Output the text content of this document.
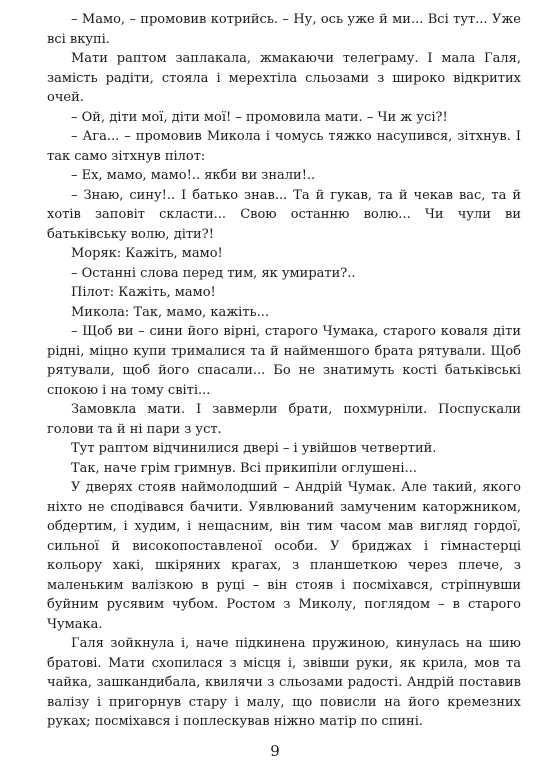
– Мамо, – промовив котрийсь. – Ну, ось уже й ми... Всі тут... Уже всі вкупі.

Мати раптом заплакала, жмакаючи телеграму. І мала Галя, замість радіти, стояла і мерехтіла сльозами з широко відкритих очей.

– Ой, діти мої, діти мої! – промовила мати. – Чи ж усі?!

– Ага... – промовив Микола і чомусь тяжко насупився, зітхнув. І так само зітхнув пілот:

– Ех, мамо, мамо!.. якби ви знали!..

– Знаю, сину!.. І батько знав... Та й гукав, та й чекав вас, та й хотів заповіт скласти... Свою останню волю... Чи чули ви батьківську волю, діти?!

Моряк: Кажіть, мамо!

– Останні слова перед тим, як умирати?..

Пілот: Кажіть, мамо!

Микола: Так, мамо, кажіть...

– Щоб ви – сини його вірні, старого Чумака, старого коваля діти рідні, міцно купи трималися та й найменшого брата рятували. Щоб рятували, щоб його спасали... Бо не знатимуть кості батьківські спокою і на тому світі...

Замовкла мати. І завмерли брати, похмурніли. Поспускали голови та й ні пари з уст.

Тут раптом відчинилися двері – і увійшов четвертий.

Так, наче грім гримнув. Всі прикипіли оглушені...

У дверях стояв наймолодший – Андрій Чумак. Але такий, якого ніхто не сподівався бачити. Уявлюваний замученим каторжником, обдертим, і худим, і нещасним, він тим часом мав вигляд гордої, сильної й високопоставленої особи. У бриджах і гімнастерці кольору хакі, шкіряних крагах, з планшеткою через плече, з маленьким валізкою в руці – він стояв і посміхався, стріпнувши буйним русявим чубом. Ростом з Миколу, поглядом – в старого Чумака.

Галя зойкнула і, наче підкинена пружиною, кинулась на шию братові. Мати схопилася з місця і, звівши руки, як крила, мов та чайка, зашкандибала, квилячи з сльозами радості. Андрій поставив валізу і пригорнув стару і малу, що повисли на його кремезних руках; посміхався і поплескував ніжно матір по спині.

9
